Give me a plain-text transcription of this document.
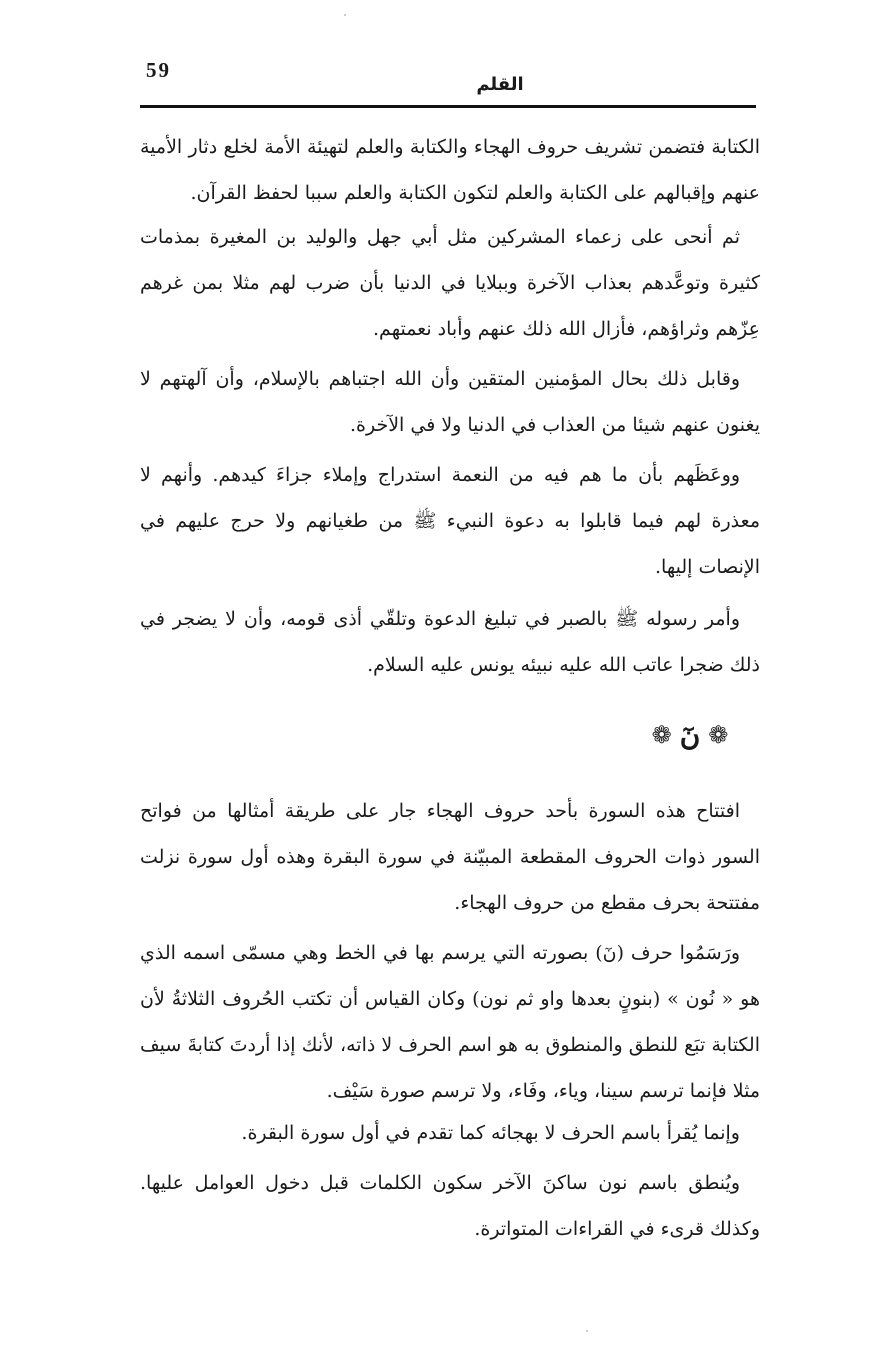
59
القلم

الكتابة فتضمن تشريف حروف الهجاء والكتابة والعلم لتهيئة الأمة لخلع دثار الأمية عنهم وإقبالهم على الكتابة والعلم لتكون الكتابة والعلم سببا لحفظ القرآن.

ثم أنحى على زعماء المشركين مثل أبي جهل والوليد بن المغيرة بمذمات كثيرة وتوعَّدهم بعذاب الآخرة وببلايا في الدنيا بأن ضرب لهم مثلا بمن غرهم عِزّهم وثراؤهم، فأزال الله ذلك عنهم وأباد نعمتهم.

وقابل ذلك بحال المؤمنين المتقين وأن الله اجتباهم بالإسلام، وأن آلهتهم لا يغنون عنهم شيئا من العذاب في الدنيا ولا في الآخرة.

ووعَظَهم بأن ما هم فيه من النعمة استدراج وإملاء جزاءَ كيدهم. وأنهم لا معذرة لهم فيما قابلوا به دعوة النبيء ﷺ من طغيانهم ولا حرج عليهم في الإنصات إليها.

وأمر رسوله ﷺ بالصبر في تبليغ الدعوة وتلقّي أذى قومه، وأن لا يضجر في ذلك ضجرا عاتب الله عليه نبيئه يونس عليه السلام.

❁
نٓ
❁

افتتاح هذه السورة بأحد حروف الهجاء جار على طريقة أمثالها من فواتح السور ذوات الحروف المقطعة المبيّنة في سورة البقرة وهذه أول سورة نزلت مفتتحة بحرف مقطع من حروف الهجاء.

ورَسَمُوا حرف (نٓ) بصورته التي يرسم بها في الخط وهي مسمّى اسمه الذي هو « نُون » (بنونٍ بعدها واو ثم نون) وكان القياس أن تكتب الحُروف الثلاثةُ لأن الكتابة تبَع للنطق والمنطوق به هو اسم الحرف لا ذاته، لأنك إذا أردتَ كتابةَ سيف مثلا فإنما ترسم سينا، وياء، وفَاء، ولا ترسم صورة سَيْف.

وإنما يُقرأ باسم الحرف لا بهجائه كما تقدم في أول سورة البقرة.

ويُنطق باسم نون ساكنَ الآخر سكون الكلمات قبل دخول العوامل عليها. وكذلك قرىء في القراءات المتواترة.
